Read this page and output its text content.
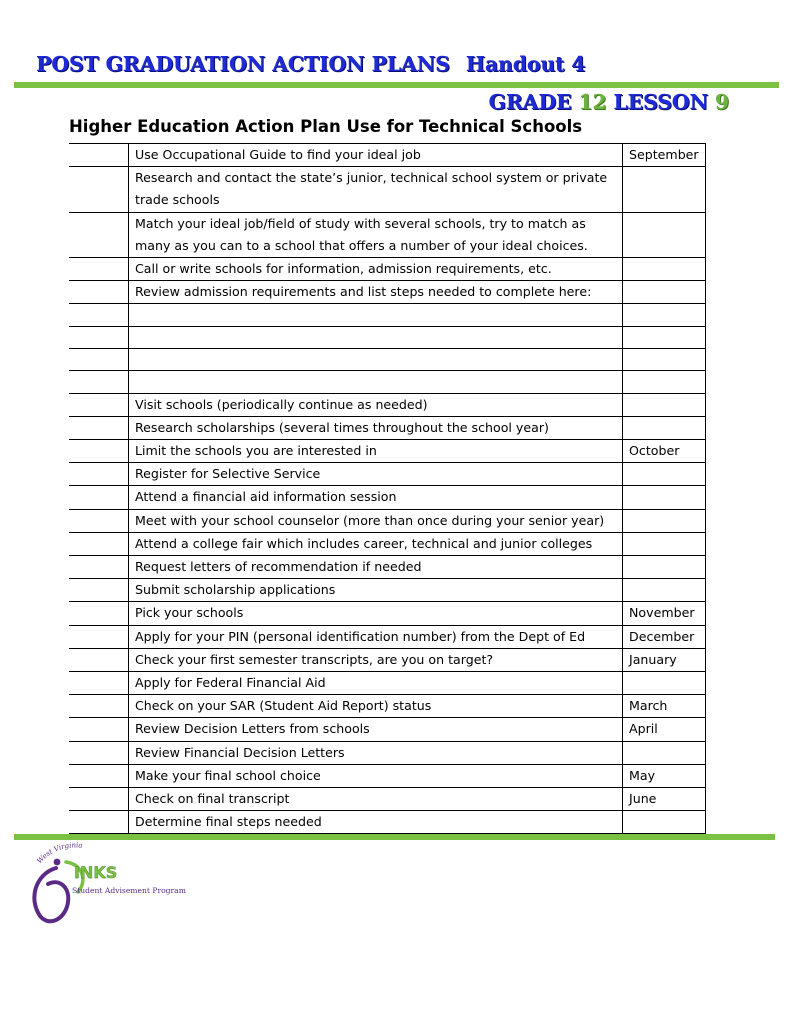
POST GRADUATION ACTION PLANS Handout 4
GRADE 12 LESSON 9
Higher Education Action Plan Use for Technical Schools
	Use Occupational Guide to find your ideal job	September
	Research and contact the state’s junior, technical school system or private
trade schools	
	Match your ideal job/field of study with several schools, try to match as
many as you can to a school that offers a number of your ideal choices.	
	Call or write schools for information, admission requirements, etc.	
	Review admission requirements and list steps needed to complete here:	

	Visit schools (periodically continue as needed)	
	Research scholarships (several times throughout the school year)	
	Limit the schools you are interested in	October
	Register for Selective Service	
	Attend a financial aid information session	
	Meet with your school counselor (more than once during your senior year)	
	Attend a college fair which includes career, technical and junior colleges	
	Request letters of recommendation if needed	
	Submit scholarship applications	
	Pick your schools	November
	Apply for your PIN (personal identification number) from the Dept of Ed	December
	Check your first semester transcripts, are you on target?	January
	Apply for Federal Financial Aid	
	Check on your SAR (Student Aid Report) status	March
	Review Decision Letters from schools	April
	Review Financial Decision Letters	
	Make your final school choice	May
	Check on final transcript	June
	Determine final steps needed	
West Virginia
INKS
Student Advisement Program
